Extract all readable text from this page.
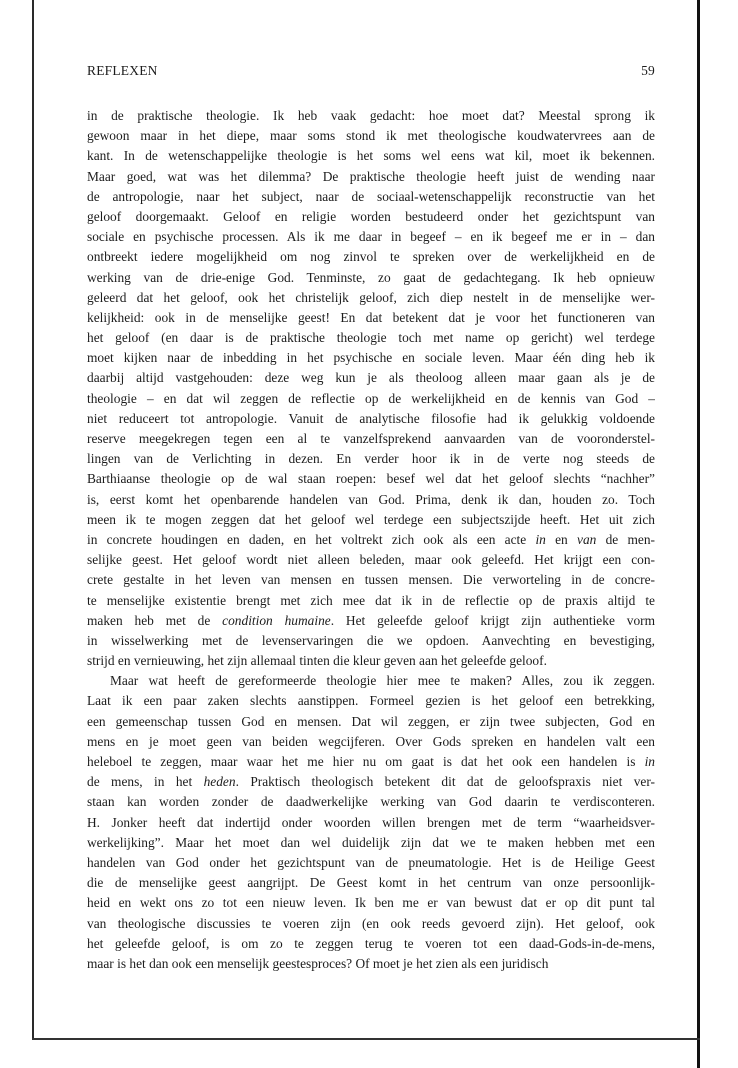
REFLEXEN	59
in de praktische theologie. Ik heb vaak gedacht: hoe moet dat? Meestal sprong ik
gewoon maar in het diepe, maar soms stond ik met theologische koudwatervrees aan de
kant. In de wetenschappelijke theologie is het soms wel eens wat kil, moet ik bekennen.
Maar goed, wat was het dilemma? De praktische theologie heeft juist de wending naar
de antropologie, naar het subject, naar de sociaal-wetenschappelijk reconstructie van het
geloof doorgemaakt. Geloof en religie worden bestudeerd onder het gezichtspunt van
sociale en psychische processen. Als ik me daar in begeef – en ik begeef me er in – dan
ontbreekt iedere mogelijkheid om nog zinvol te spreken over de werkelijkheid en de
werking van de drie-enige God. Tenminste, zo gaat de gedachtegang. Ik heb opnieuw
geleerd dat het geloof, ook het christelijk geloof, zich diep nestelt in de menselijke wer-
kelijkheid: ook in de menselijke geest! En dat betekent dat je voor het functioneren van
het geloof (en daar is de praktische theologie toch met name op gericht) wel terdege
moet kijken naar de inbedding in het psychische en sociale leven. Maar één ding heb ik
daarbij altijd vastgehouden: deze weg kun je als theoloog alleen maar gaan als je de
theologie – en dat wil zeggen de reflectie op de werkelijkheid en de kennis van God –
niet reduceert tot antropologie. Vanuit de analytische filosofie had ik gelukkig voldoende
reserve meegekregen tegen een al te vanzelfsprekend aanvaarden van de vooronderstel-
lingen van de Verlichting in dezen. En verder hoor ik in de verte nog steeds de
Barthiaanse theologie op de wal staan roepen: besef wel dat het geloof slechts “nachher”
is, eerst komt het openbarende handelen van God. Prima, denk ik dan, houden zo. Toch
meen ik te mogen zeggen dat het geloof wel terdege een subjectszijde heeft. Het uit zich
in concrete houdingen en daden, en het voltrekt zich ook als een acte in en van de men-
selijke geest. Het geloof wordt niet alleen beleden, maar ook geleefd. Het krijgt een con-
crete gestalte in het leven van mensen en tussen mensen. Die verworteling in de concre-
te menselijke existentie brengt met zich mee dat ik in de reflectie op de praxis altijd te
maken heb met de condition humaine. Het geleefde geloof krijgt zijn authentieke vorm
in wisselwerking met de levenservaringen die we opdoen. Aanvechting en bevestiging,
strijd en vernieuwing, het zijn allemaal tinten die kleur geven aan het geleefde geloof.
Maar wat heeft de gereformeerde theologie hier mee te maken? Alles, zou ik zeggen.
Laat ik een paar zaken slechts aanstippen. Formeel gezien is het geloof een betrekking,
een gemeenschap tussen God en mensen. Dat wil zeggen, er zijn twee subjecten, God en
mens en je moet geen van beiden wegcijferen. Over Gods spreken en handelen valt een
heleboel te zeggen, maar waar het me hier nu om gaat is dat het ook een handelen is in
de mens, in het heden. Praktisch theologisch betekent dit dat de geloofspraxis niet ver-
staan kan worden zonder de daadwerkelijke werking van God daarin te verdisconteren.
H. Jonker heeft dat indertijd onder woorden willen brengen met de term “waarheidsver-
werkelijking”. Maar het moet dan wel duidelijk zijn dat we te maken hebben met een
handelen van God onder het gezichtspunt van de pneumatologie. Het is de Heilige Geest
die de menselijke geest aangrijpt. De Geest komt in het centrum van onze persoonlijk-
heid en wekt ons zo tot een nieuw leven. Ik ben me er van bewust dat er op dit punt tal
van theologische discussies te voeren zijn (en ook reeds gevoerd zijn). Het geloof, ook
het geleefde geloof, is om zo te zeggen terug te voeren tot een daad-Gods-in-de-mens,
maar is het dan ook een menselijk geestesproces? Of moet je het zien als een juridisch
